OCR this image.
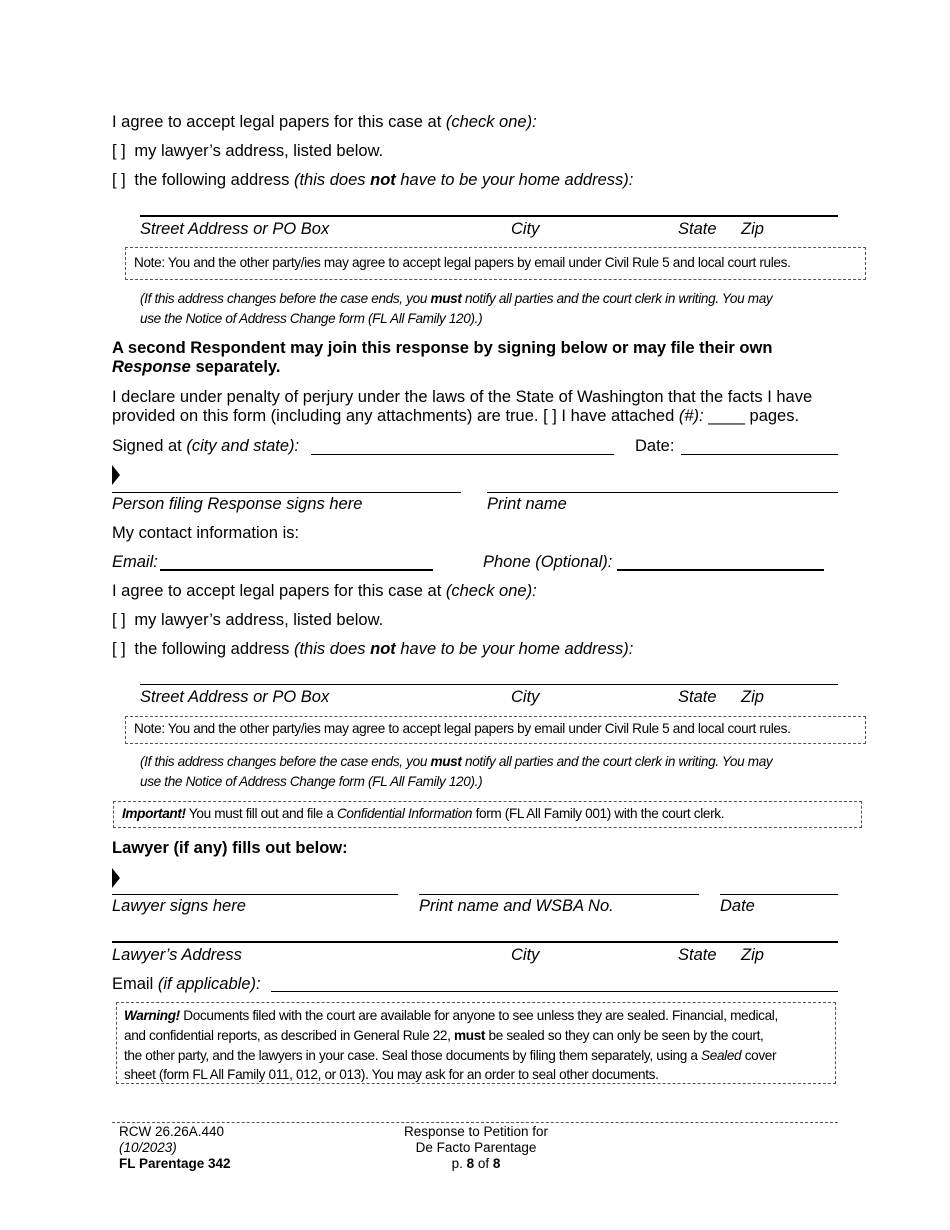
I agree to accept legal papers for this case at (check one):
[ ] my lawyer’s address, listed below.
[ ] the following address (this does not have to be your home address):
Street Address or PO Box	City	State Zip
Note: You and the other party/ies may agree to accept legal papers by email under Civil Rule 5 and local court rules.
(If this address changes before the case ends, you must notify all parties and the court clerk in writing. You may
use the Notice of Address Change form (FL All Family 120).)
A second Respondent may join this response by signing below or may file their own
Response separately.
I declare under penalty of perjury under the laws of the State of Washington that the facts I have
provided on this form (including any attachments) are true. [ ] I have attached (#): ____ pages.
Signed at (city and state):	Date:
Person filing Response signs here	Print name
My contact information is:
Email:	Phone (Optional):
I agree to accept legal papers for this case at (check one):
[ ] my lawyer’s address, listed below.
[ ] the following address (this does not have to be your home address):
Street Address or PO Box	City	State Zip
Note: You and the other party/ies may agree to accept legal papers by email under Civil Rule 5 and local court rules.
(If this address changes before the case ends, you must notify all parties and the court clerk in writing. You may
use the Notice of Address Change form (FL All Family 120).)
Important! You must fill out and file a Confidential Information form (FL All Family 001) with the court clerk.
Lawyer (if any) fills out below:
Lawyer signs here	Print name and WSBA No.	Date
Lawyer’s Address	City	State Zip
Email (if applicable):
Warning! Documents filed with the court are available for anyone to see unless they are sealed. Financial, medical,
and confidential reports, as described in General Rule 22, must be sealed so they can only be seen by the court,
the other party, and the lawyers in your case. Seal those documents by filing them separately, using a Sealed cover
sheet (form FL All Family 011, 012, or 013). You may ask for an order to seal other documents.
RCW 26.26A.440
(10/2023)
FL Parentage 342
Response to Petition for
De Facto Parentage
p. 8 of 8
